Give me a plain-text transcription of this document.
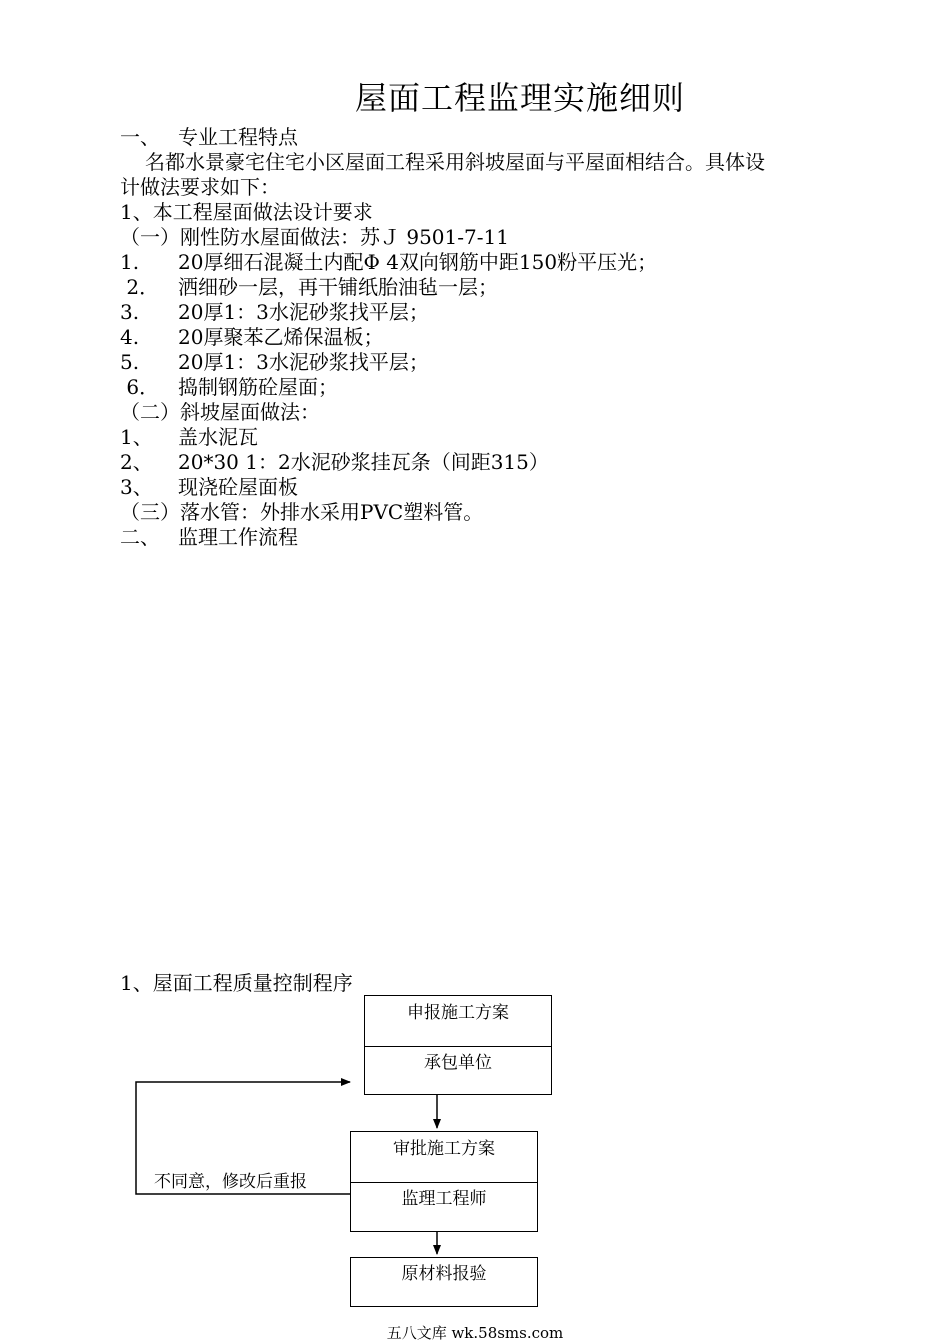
屋面工程监理实施细则
一、 专业工程特点
名都水景豪宅住宅小区屋面工程采用斜坡屋面与平屋面相结合。具体设
计做法要求如下：
1、本工程屋面做法设计要求
（一）刚性防水屋面做法：苏Ｊ 9501-7-11
1. 20厚细石混凝土内配Φ 4双向钢筋中距150粉平压光；
2． 洒细砂一层，再干铺纸胎油毡一层；
3. 20厚1：3水泥砂浆找平层；
4. 20厚聚苯乙烯保温板；
5. 20厚1：3水泥砂浆找平层；
6． 捣制钢筋砼屋面；
（二）斜坡屋面做法：
1、 盖水泥瓦
2、 20*30 1：2水泥砂浆挂瓦条（间距315）
3、 现浇砼屋面板
（三）落水管：外排水采用PVC塑料管。
二、 监理工作流程
1、屋面工程质量控制程序
申报施工方案
承包单位
审批施工方案
监理工程师
原材料报验
不同意，修改后重报
五八文库 wk.58sms.com
